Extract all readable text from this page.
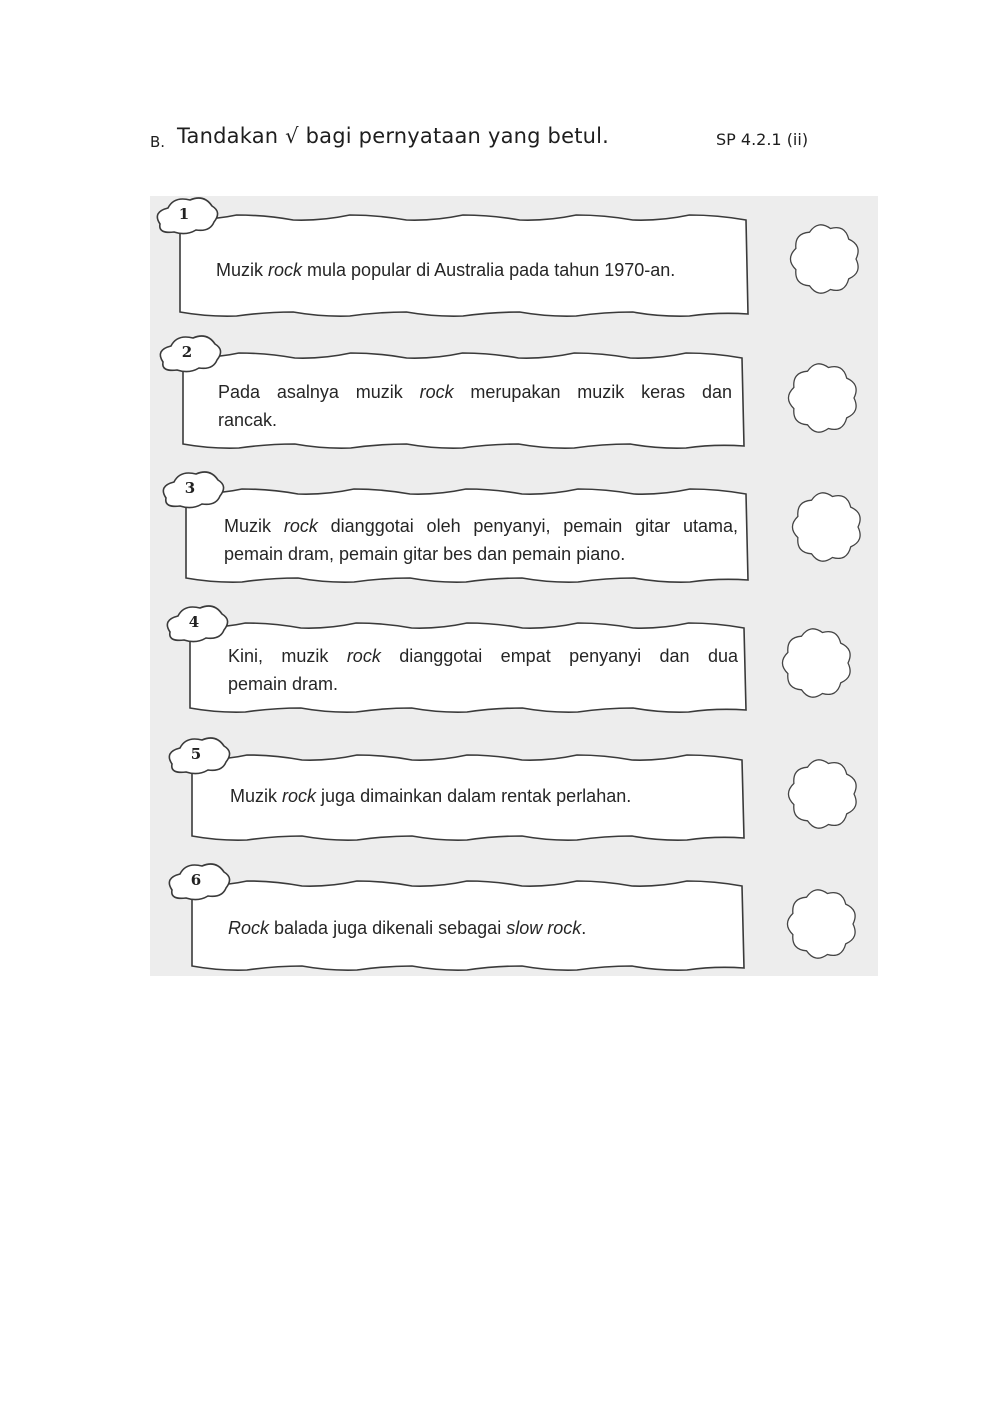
B. Tandakan √ bagi pernyataan yang betul.	SP 4.2.1 (ii)
1
Muzik rock mula popular di Australia pada tahun 1970-an.
2
Pada asalnya muzik rock merupakan muzik keras dan
rancak.
3
Muzik rock dianggotai oleh penyanyi, pemain gitar utama,
pemain dram, pemain gitar bes dan pemain piano.
4
Kini, muzik rock dianggotai empat penyanyi dan dua
pemain dram.
5
Muzik rock juga dimainkan dalam rentak perlahan.
6
Rock balada juga dikenali sebagai slow rock.
